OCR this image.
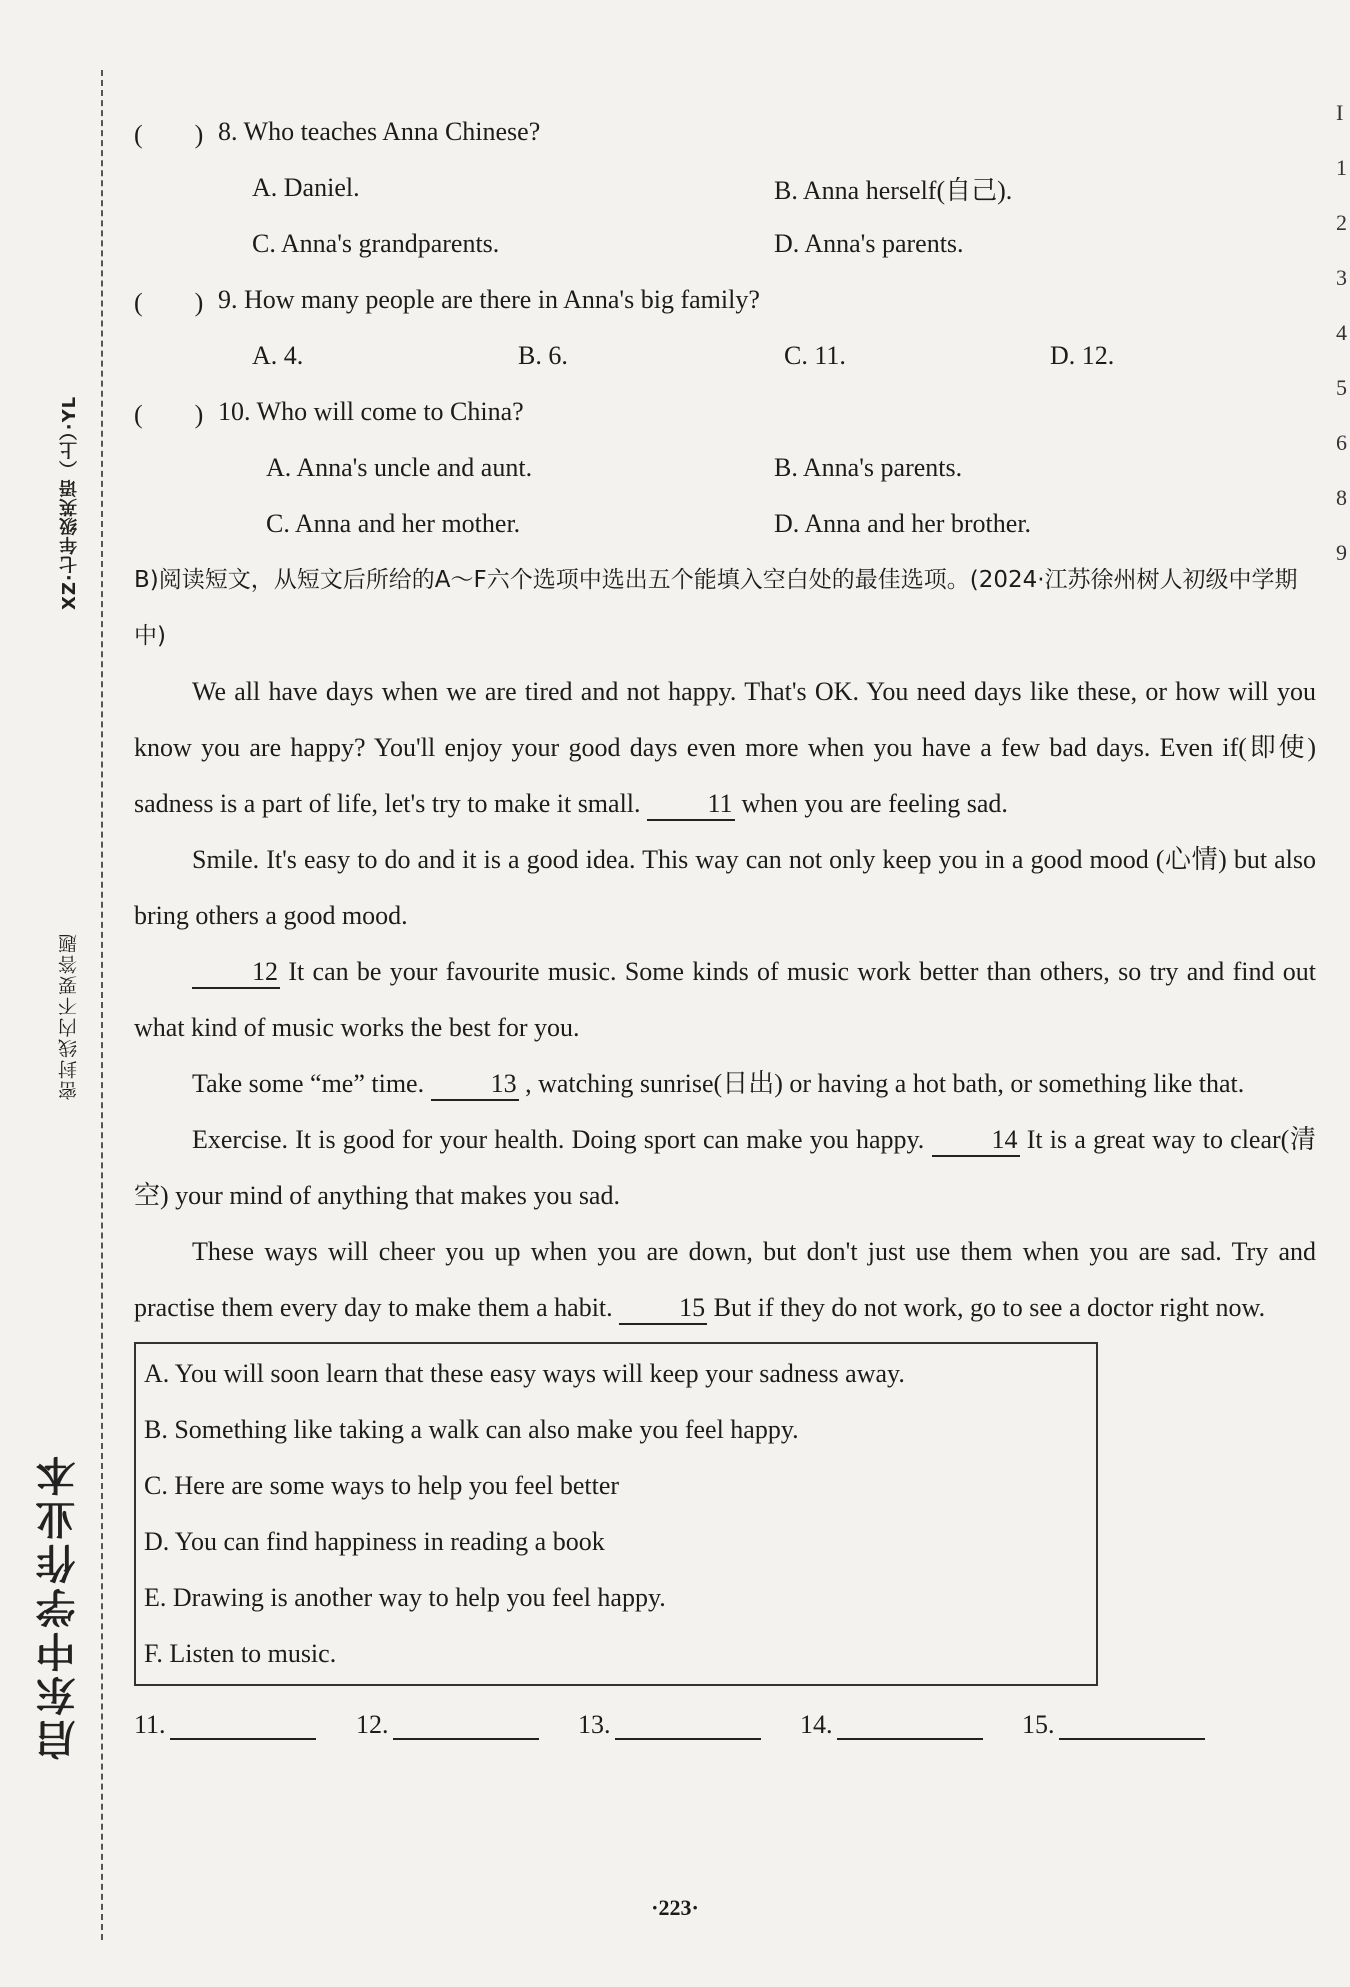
启东中学作业本
密封线内不要答题
XZ·七年级英语（上）·YL
I
1
2
3
4
5
6
8
9
(　　) 8. Who teaches Anna Chinese?
A. Daniel.	B. Anna herself(自己).
C. Anna's grandparents.	D. Anna's parents.
(　　) 9. How many people are there in Anna's big family?
A. 4.	B. 6.	C. 11.	D. 12.
(　　) 10. Who will come to China?
A. Anna's uncle and aunt.	B. Anna's parents.
C. Anna and her mother.	D. Anna and her brother.
B)阅读短文，从短文后所给的A～F六个选项中选出五个能填入空白处的最佳选项。(2024·江苏徐州树人初级中学期中)
We all have days when we are tired and not happy. That's OK. You need days like these, or how will you know you are happy? You'll enjoy your good days even more when you have a few bad days. Even if(即使) sadness is a part of life, let's try to make it small.	11 when you are feeling sad.
Smile. It's easy to do and it is a good idea. This way can not only keep you in a good mood (心情) but also bring others a good mood.
12 It can be your favourite music. Some kinds of music work better than others, so try and find out what kind of music works the best for you.
Take some “me” time.	13 , watching sunrise(日出) or having a hot bath, or something like that.
Exercise. It is good for your health. Doing sport can make you happy.	14 It is a great way to clear(清空) your mind of anything that makes you sad.
These ways will cheer you up when you are down, but don't just use them when you are sad. Try and practise them every day to make them a habit.	15 But if they do not work, go to see a doctor right now.
A. You will soon learn that these easy ways will keep your sadness away.
B. Something like taking a walk can also make you feel happy.
C. Here are some ways to help you feel better
D. You can find happiness in reading a book
E. Drawing is another way to help you feel happy.
F. Listen to music.
11.	12.	13.	14.	15.
·223·
